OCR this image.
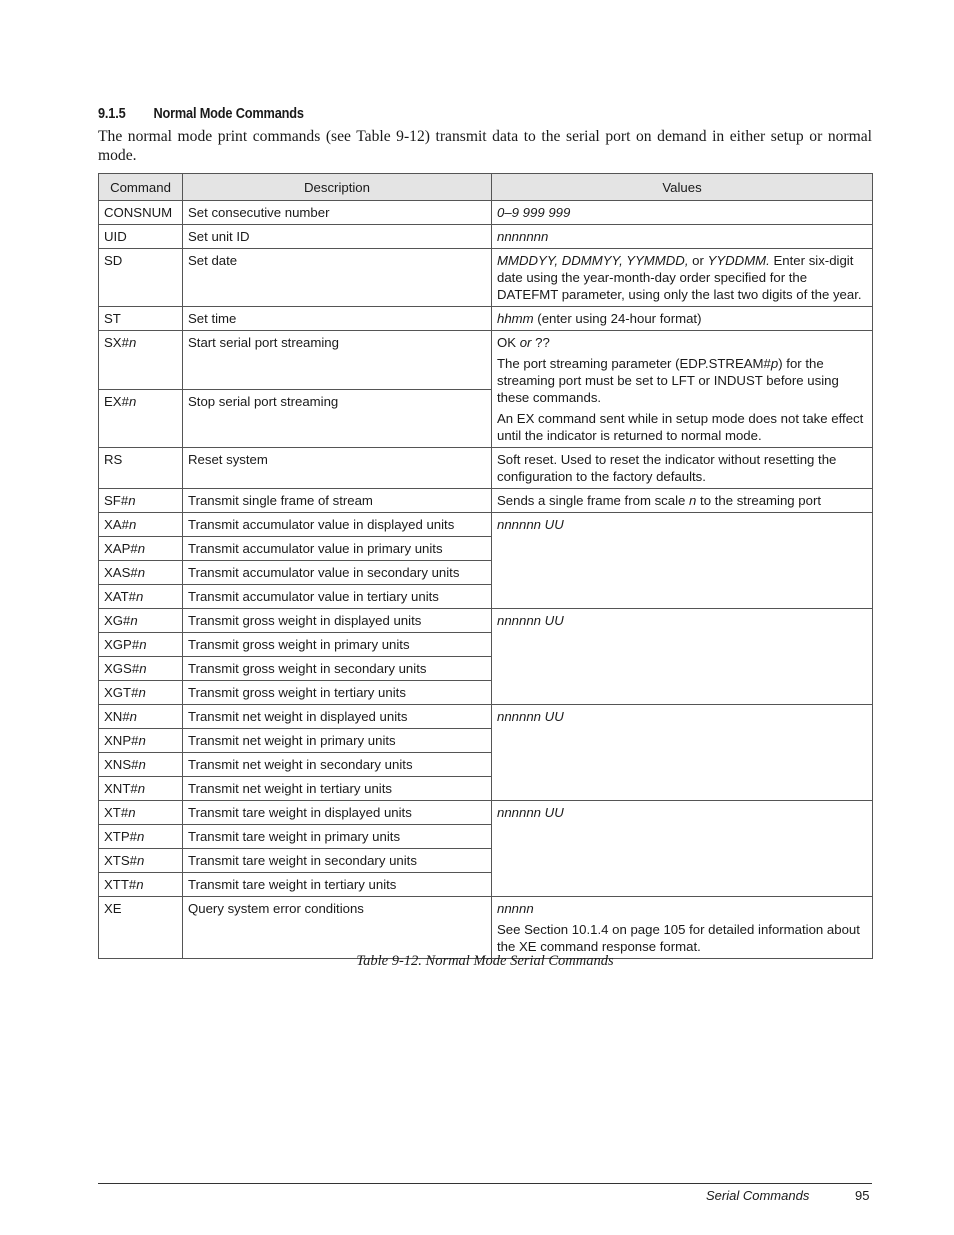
9.1.5 Normal Mode Commands
The normal mode print commands (see Table 9-12) transmit data to the serial port on demand in either setup or normal mode.
Command	Description	Values
CONSNUM	Set consecutive number	0–9 999 999

UID	Set unit ID	nnnnnnn

SD	Set date	MMDDYY, DDMMYY, YYMMDD, or YYDDMM. Enter six-digit date using the year-month-day order specified for the DATEFMT parameter, using only the last two digits of the year.

ST	Set time	hhmm (enter using 24-hour format)

SX#n	Start serial port streaming	OK or ??
The port streaming parameter (EDP.STREAM#p) for the streaming port must be set to LFT or INDUST before using these commands.
An EX command sent while in setup mode does not take effect until the indicator is returned to normal mode.

EX#n	Stop serial port streaming	
RS	Reset system	Soft reset. Used to reset the indicator without resetting the configuration to the factory defaults.

SF#n	Transmit single frame of stream	Sends a single frame from scale n to the streaming port

XA#n	Transmit accumulator value in displayed units	nnnnnn UU

XAP#n	Transmit accumulator value in primary units	
XAS#n	Transmit accumulator value in secondary units	
XAT#n	Transmit accumulator value in tertiary units	
XG#n	Transmit gross weight in displayed units	nnnnnn UU

XGP#n	Transmit gross weight in primary units	
XGS#n	Transmit gross weight in secondary units	
XGT#n	Transmit gross weight in tertiary units	
XN#n	Transmit net weight in displayed units	nnnnnn UU

XNP#n	Transmit net weight in primary units	
XNS#n	Transmit net weight in secondary units	
XNT#n	Transmit net weight in tertiary units	
XT#n	Transmit tare weight in displayed units	nnnnnn UU

XTP#n	Transmit tare weight in primary units	
XTS#n	Transmit tare weight in secondary units	
XTT#n	Transmit tare weight in tertiary units	
XE	Query system error conditions	nnnnn
See Section 10.1.4 on page 105 for detailed information about the XE command response format.
Table 9-12. Normal Mode Serial Commands
Serial Commands	95
